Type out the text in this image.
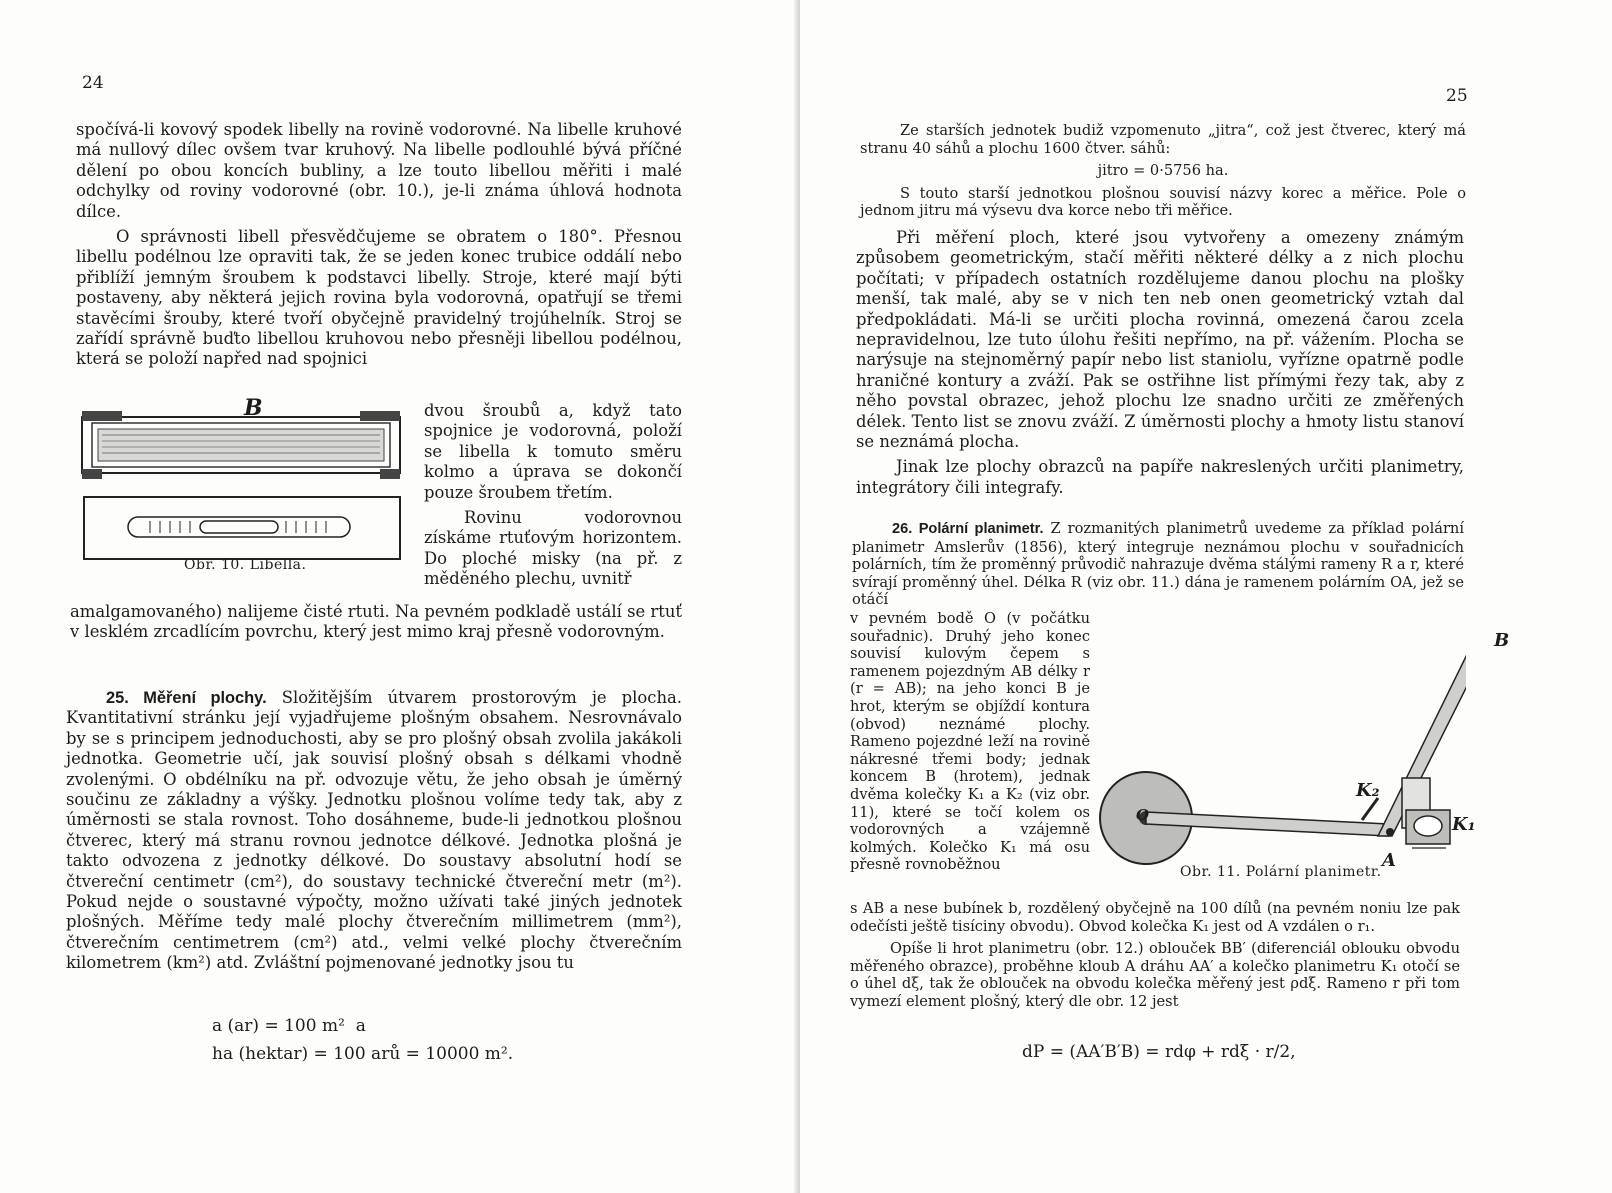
24

spočívá-li kovový spodek libelly na rovině vodorovné. Na libelle kruhové má nullový dílec ovšem tvar kruhový. Na libelle podlouhlé bývá příčné dělení po obou koncích bubliny, a lze touto libellou měřiti i malé odchylky od roviny vodorovné (obr. 10.), je-li známa úhlová hodnota dílce.

O správnosti libell přesvědčujeme se obratem o 180°. Přesnou libellu podélnou lze opraviti tak, že se jeden konec trubice oddálí nebo přiblíží jemným šroubem k podstavci libelly. Stroje, které mají býti postaveny, aby některá jejich rovina byla vodorovná, opatřují se třemi stavěcími šrouby, které tvoří obyčejně pravidelný trojúhelník. Stroj se zařídí správně buďto libellou kruhovou nebo přesněji libellou podélnou, která se položí napřed nad spojnici

B
Obr. 10. Libella.

dvou šroubů a, když tato spojnice je vodorovná, položí se libella k tomuto směru kolmo a úprava se dokončí pouze šroubem třetím.

Rovinu vodorovnou získáme rtuťovým horizontem. Do ploché misky (na př. z měděného plechu, uvnitř

amalgamovaného) nalijeme čisté rtuti. Na pevném podkladě ustálí se rtuť v lesklém zrcadlícím povrchu, který jest mimo kraj přesně vodorovným.

25. Měření plochy. Složitějším útvarem prostorovým je plocha. Kvantitativní stránku její vyjadřujeme plošným obsahem. Nesrovnávalo by se s principem jednoduchosti, aby se pro plošný obsah zvolila jakákoli jednotka. Geometrie učí, jak souvisí plošný obsah s délkami vhodně zvolenými. O obdélníku na př. odvozuje větu, že jeho obsah je úměrný součinu ze základny a výšky. Jednotku plošnou volíme tedy tak, aby z úměrnosti se stala rovnost. Toho dosáhneme, bude-li jednotkou plošnou čtverec, který má stranu rovnou jednotce délkové. Jednotka plošná je takto odvozena z jednotky délkové. Do soustavy absolutní hodí se čtvereční centimetr (cm²), do soustavy technické čtvereční metr (m²). Pokud nejde o soustavné výpočty, možno užívati také jiných jednotek plošných. Měříme tedy malé plochy čtverečním millimetrem (mm²), čtverečním centimetrem (cm²) atd., velmi velké plochy čtverečním kilometrem (km²) atd. Zvláštní pojmenované jednotky jsou tu

a (ar) = 100 m²  a
ha (hektar) = 100 arů = 10000 m².
25

Ze starších jednotek budiž vzpomenuto „jitra“, což jest čtverec, který má stranu 40 sáhů a plochu 1600 čtver. sáhů:

jitro = 0·5756 ha.

S touto starší jednotkou plošnou souvisí názvy korec a měřice. Pole o jednom jitru má výsevu dva korce nebo tři měřice.

Při měření ploch, které jsou vytvořeny a omezeny známým způsobem geometrickým, stačí měřiti některé délky a z nich plochu počítati; v případech ostatních rozdělujeme danou plochu na plošky menší, tak malé, aby se v nich ten neb onen geometrický vztah dal předpokládati. Má-li se určiti plocha rovinná, omezená čarou zcela nepravidelnou, lze tuto úlohu řešiti nepřímo, na př. vážením. Plocha se narýsuje na stejnoměrný papír nebo list staniolu, vyřízne opatrně podle hraničné kontury a zváží. Pak se ostřihne list přímými řezy tak, aby z něho povstal obrazec, jehož plochu lze snadno určiti ze změřených délek. Tento list se znovu zváží. Z úměrnosti plochy a hmoty listu stanoví se neznámá plocha.

Jinak lze plochy obrazců na papíře nakreslených určiti planimetry, integrátory čili integrafy.

26. Polární planimetr. Z rozmanitých planimetrů uvedeme za příklad polární planimetr Amslerův (1856), který integruje neznámou plochu v souřadnicích polárních, tím že proměnný průvodič nahrazuje dvěma stálými rameny R a r, které svírají proměnný úhel. Délka R (viz obr. 11.) dána je ramenem polárním OA, jež se otáčí

v pevném bodě O (v počátku souřadnic). Druhý jeho konec souvisí kulovým čepem s ramenem pojezdným AB délky r (r = AB); na jeho konci B je hrot, kterým se objíždí kontura (obvod) neznámé plochy. Rameno pojezdné leží na rovině nákresné třemi body; jednak koncem B (hrotem), jednak dvěma kolečky K₁ a K₂ (viz obr. 11), které se točí kolem os vodorovných a vzájemně kolmých. Kolečko K₁ má osu přesně rovnoběžnou

B
A
O
K₂
K₁
Obr. 11. Polární planimetr.

s AB a nese bubínek b, rozdělený obyčejně na 100 dílů (na pevném noniu lze pak odečísti ještě tisíciny obvodu). Obvod kolečka K₁ jest od A vzdálen o r₁.

Opíše li hrot planimetru (obr. 12.) oblouček BB′ (diferenciál oblouku obvodu měřeného obrazce), proběhne kloub A dráhu AA′ a kolečko planimetru K₁ otočí se o úhel dξ, tak že oblouček na obvodu kolečka měřený jest ρdξ. Rameno r při tom vymezí element plošný, který dle obr. 12 jest

dP = (AA′B′B) = rdφ + rdξ · r/2,
